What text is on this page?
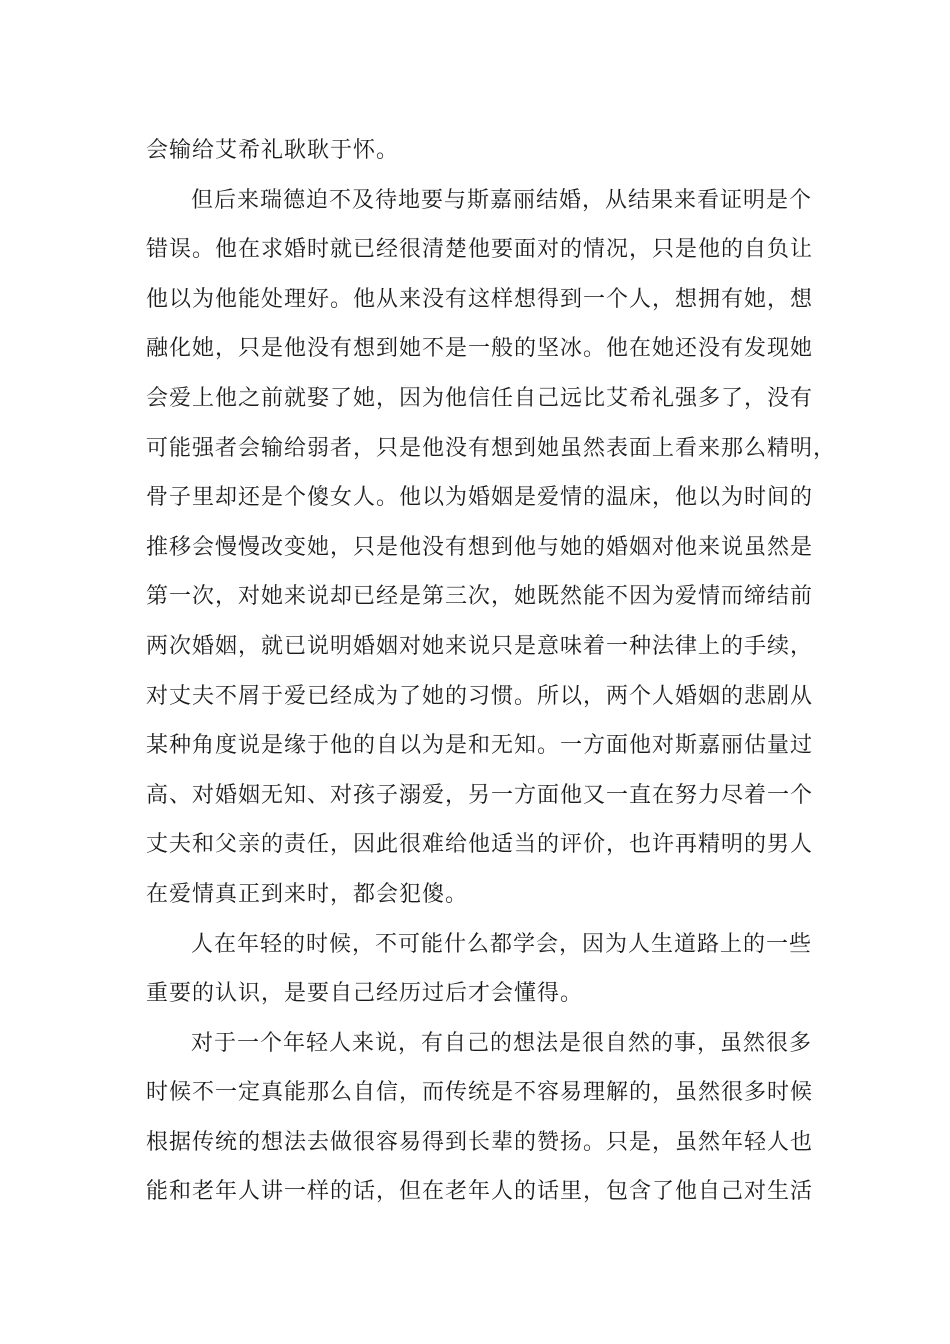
会输给艾希礼耿耿于怀。
但后来瑞德迫不及待地要与斯嘉丽结婚，从结果来看证明是个
错误。他在求婚时就已经很清楚他要面对的情况，只是他的自负让
他以为他能处理好。他从来没有这样想得到一个人，想拥有她，想
融化她，只是他没有想到她不是一般的坚冰。他在她还没有发现她
会爱上他之前就娶了她，因为他信任自己远比艾希礼强多了，没有
可能强者会输给弱者，只是他没有想到她虽然表面上看来那么精明，
骨子里却还是个傻女人。他以为婚姻是爱情的温床，他以为时间的
推移会慢慢改变她，只是他没有想到他与她的婚姻对他来说虽然是
第一次，对她来说却已经是第三次，她既然能不因为爱情而缔结前
两次婚姻，就已说明婚姻对她来说只是意味着一种法律上的手续，
对丈夫不屑于爱已经成为了她的习惯。所以，两个人婚姻的悲剧从
某种角度说是缘于他的自以为是和无知。一方面他对斯嘉丽估量过
高、对婚姻无知、对孩子溺爱，另一方面他又一直在努力尽着一个
丈夫和父亲的责任，因此很难给他适当的评价，也许再精明的男人
在爱情真正到来时，都会犯傻。
人在年轻的时候，不可能什么都学会，因为人生道路上的一些
重要的认识，是要自己经历过后才会懂得。
对于一个年轻人来说，有自己的想法是很自然的事，虽然很多
时候不一定真能那么自信，而传统是不容易理解的，虽然很多时候
根据传统的想法去做很容易得到长辈的赞扬。只是，虽然年轻人也
能和老年人讲一样的话，但在老年人的话里，包含了他自己对生活
